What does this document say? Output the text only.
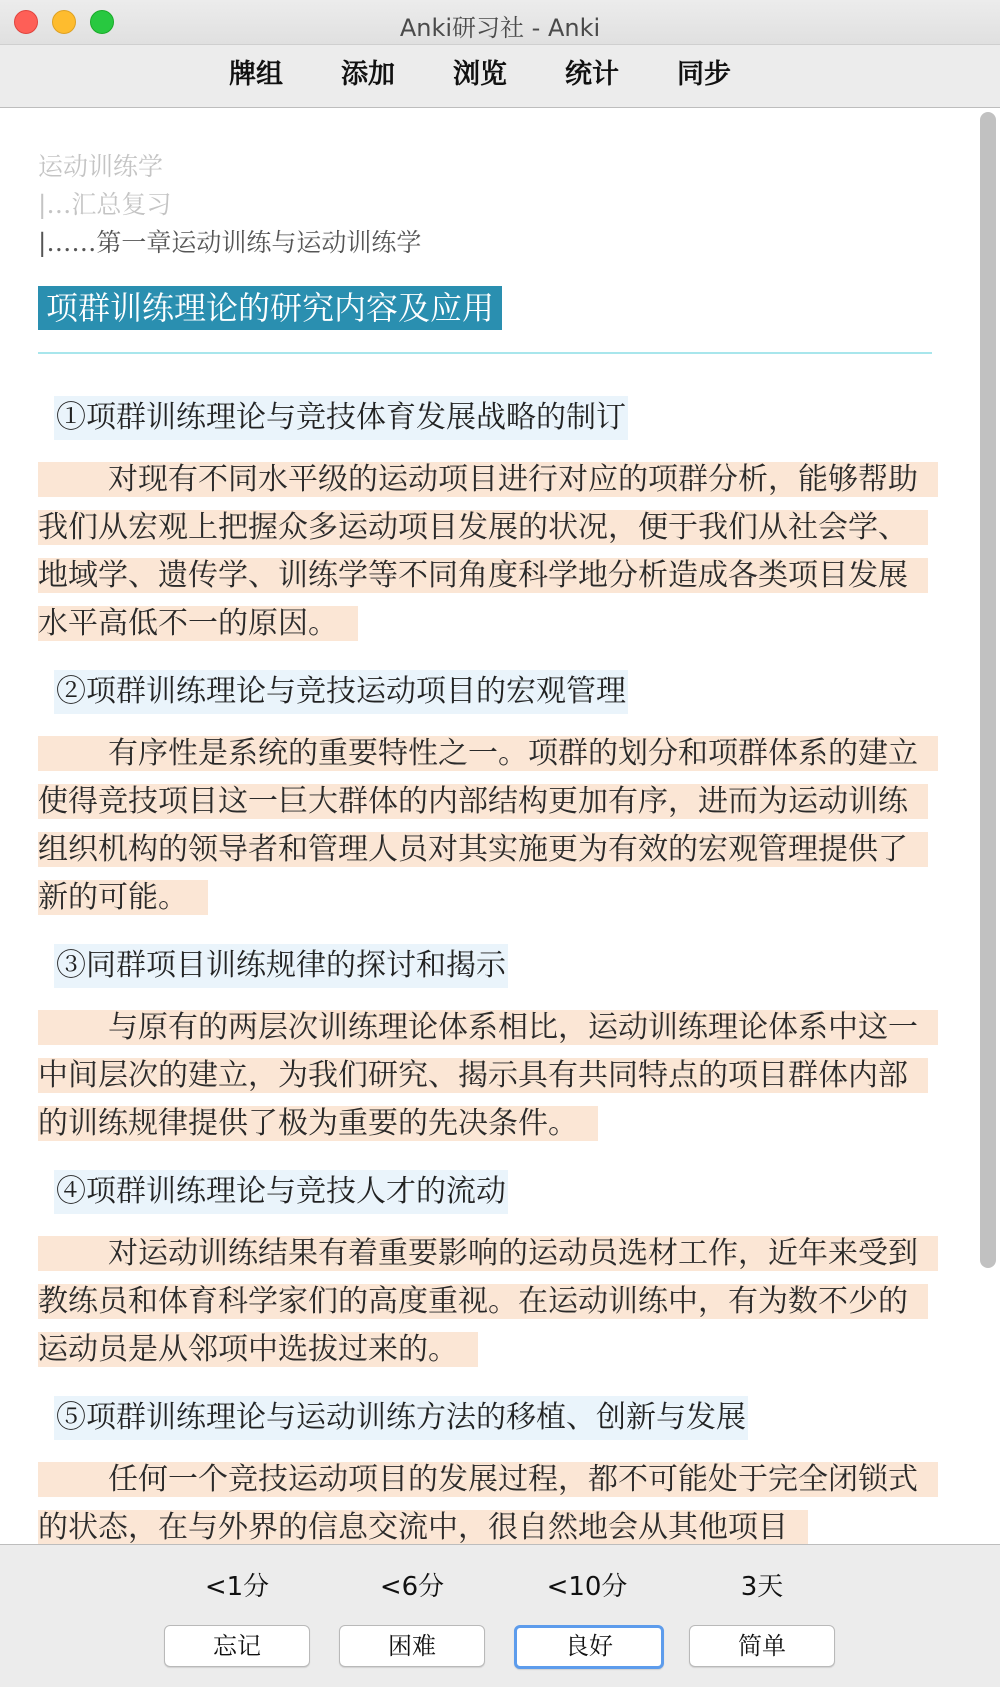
Anki研习社 - Anki
牌组	添加	浏览	统计	同步
运动训练学
|…汇总复习
|……第一章运动训练与运动训练学
项群训练理论的研究内容及应用
①项群训练理论与竞技体育发展战略的制订
对现有不同水平级的运动项目进行对应的项群分析，能够帮助我们从宏观上把握众多运动项目发展的状况，便于我们从社会学、地域学、遗传学、训练学等不同角度科学地分析造成各类项目发展水平高低不一的原因。
②项群训练理论与竞技运动项目的宏观管理
有序性是系统的重要特性之一。项群的划分和项群体系的建立使得竞技项目这一巨大群体的内部结构更加有序，进而为运动训练组织机构的领导者和管理人员对其实施更为有效的宏观管理提供了新的可能。
③同群项目训练规律的探讨和揭示
与原有的两层次训练理论体系相比，运动训练理论体系中这一中间层次的建立，为我们研究、揭示具有共同特点的项目群体内部的训练规律提供了极为重要的先决条件。
④项群训练理论与竞技人才的流动
对运动训练结果有着重要影响的运动员选材工作，近年来受到教练员和体育科学家们的高度重视。在运动训练中，有为数不少的运动员是从邻项中选拔过来的。
⑤项群训练理论与运动训练方法的移植、创新与发展
任何一个竞技运动项目的发展过程，都不可能处于完全闭锁式的状态，在与外界的信息交流中，很自然地会从其他项目
<1分
忘记
<6分
困难
<10分
良好
3天
简单
